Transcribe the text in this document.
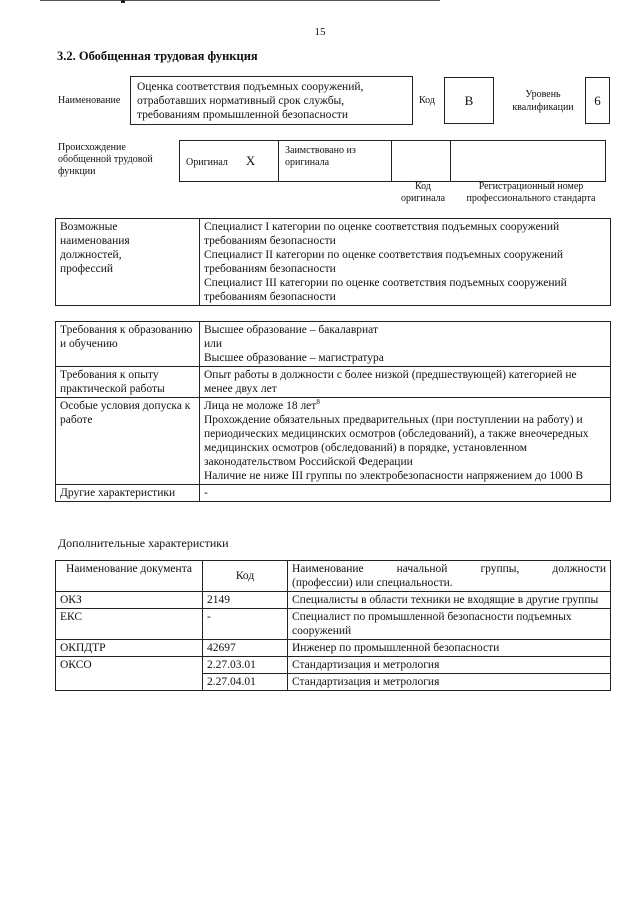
15
3.2. Обобщенная трудовая функция
Наименование
Оценка соответствия подъемных сооружений,
отработавших нормативный срок службы,
требованиям промышленной безопасности
Код	B	Уровень квалификации	6
Происхождение
обобщенной трудовой
функции
Оригинал X	
Заимствовано из
оригинала

Код
оригинала
Регистрационный номер
профессионального стандарта
Возможные
наименования
должностей,
профессий

Специалист I категории по оценке соответствия подъемных сооружений требованиям безопасности
Специалист II категории по оценке соответствия подъемных сооружений требованиям безопасности
Специалист III категории по оценке соответствия подъемных сооружений требованиям безопасности
Требования к образованию и обучению	Высшее образование – бакалавриат
или
Высшее образование – магистратура

Требования к опыту практической работы	Опыт работы в должности с более низкой (предшествующей) категорией не менее двух лет
Особые условия допуска к работе	Лица не моложе 18 лет$^8$
Прохождение обязательных предварительных (при поступлении на работу) и периодических медицинских осмотров (обследований), а также внеочередных медицинских осмотров (обследований) в порядке, установленном законодательством Российской Федерации
Наличие не ниже III группы по электробезопасности напряжением до 1000 В

Другие характеристики	-
Дополнительные характеристики
Наименование документа	Код	Наименование начальной группы, должности
(профессии) или специальности.

ОКЗ	2149	Специалисты в области техники не входящие в другие группы
ЕКС	-	Специалист по промышленной безопасности подъемных сооружений
ОКПДТР	42697	Инженер по промышленной безопасности
ОКСО	2.27.03.01	Стандартизация и метрология
	2.27.04.01	Стандартизация и метрология
